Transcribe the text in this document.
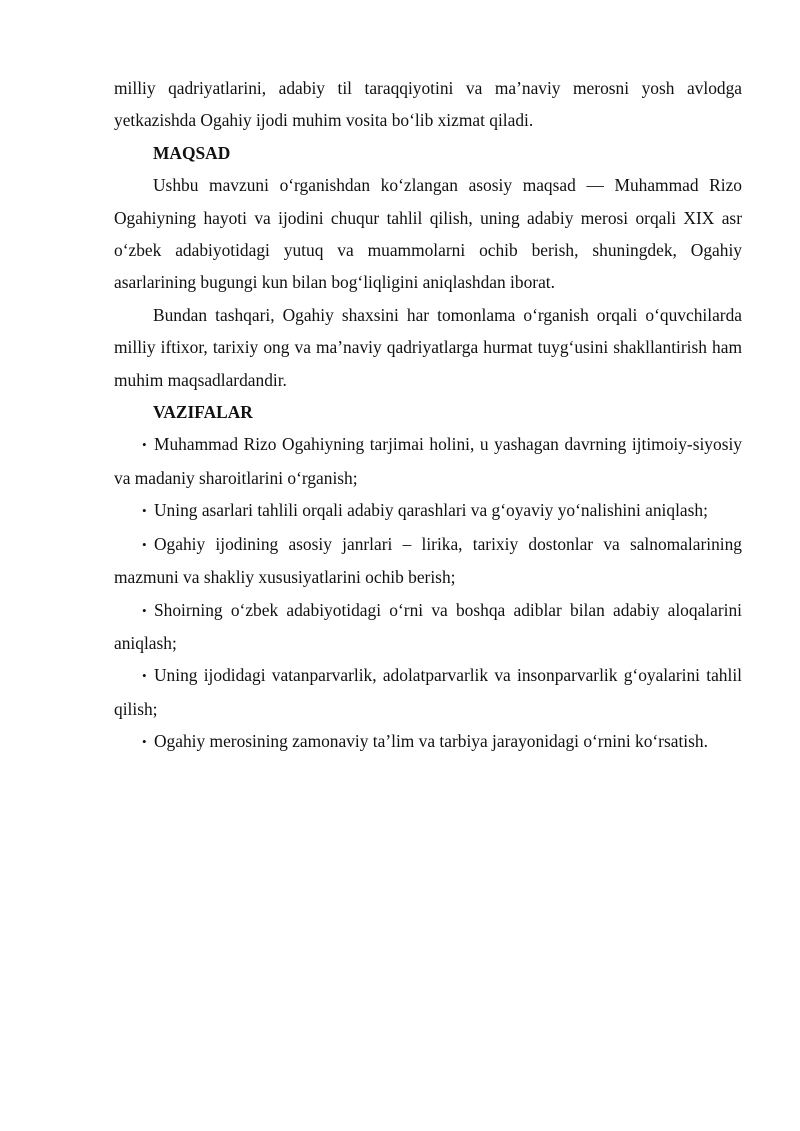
milliy qadriyatlarini, adabiy til taraqqiyotini va ma’naviy merosni yosh avlodga yetkazishda Ogahiy ijodi muhim vosita bo‘lib xizmat qiladi.

MAQSAD

Ushbu mavzuni o‘rganishdan ko‘zlangan asosiy maqsad — Muhammad Rizo Ogahiyning hayoti va ijodini chuqur tahlil qilish, uning adabiy merosi orqali XIX asr o‘zbek adabiyotidagi yutuq va muammolarni ochib berish, shuningdek, Ogahiy asarlarining bugungi kun bilan bog‘liqligini aniqlashdan iborat.

Bundan tashqari, Ogahiy shaxsini har tomonlama o‘rganish orqali o‘quvchilarda milliy iftixor, tarixiy ong va ma’naviy qadriyatlarga hurmat tuyg‘usini shakllantirish ham muhim maqsadlardandir.

VAZIFALAR
• Muhammad Rizo Ogahiyning tarjimai holini, u yashagan davrning ijtimoiy-siyosiy va madaniy sharoitlarini o‘rganish;
• Uning asarlari tahlili orqali adabiy qarashlari va g‘oyaviy yo‘nalishini aniqlash;
• Ogahiy ijodining asosiy janrlari – lirika, tarixiy dostonlar va salnomalarining mazmuni va shakliy xususiyatlarini ochib berish;
• Shoirning o‘zbek adabiyotidagi o‘rni va boshqa adiblar bilan adabiy aloqalarini aniqlash;
• Uning ijodidagi vatanparvarlik, adolatparvarlik va insonparvarlik g‘oyalarini tahlil qilish;
• Ogahiy merosining zamonaviy ta’lim va tarbiya jarayonidagi o‘rnini ko‘rsatish.
